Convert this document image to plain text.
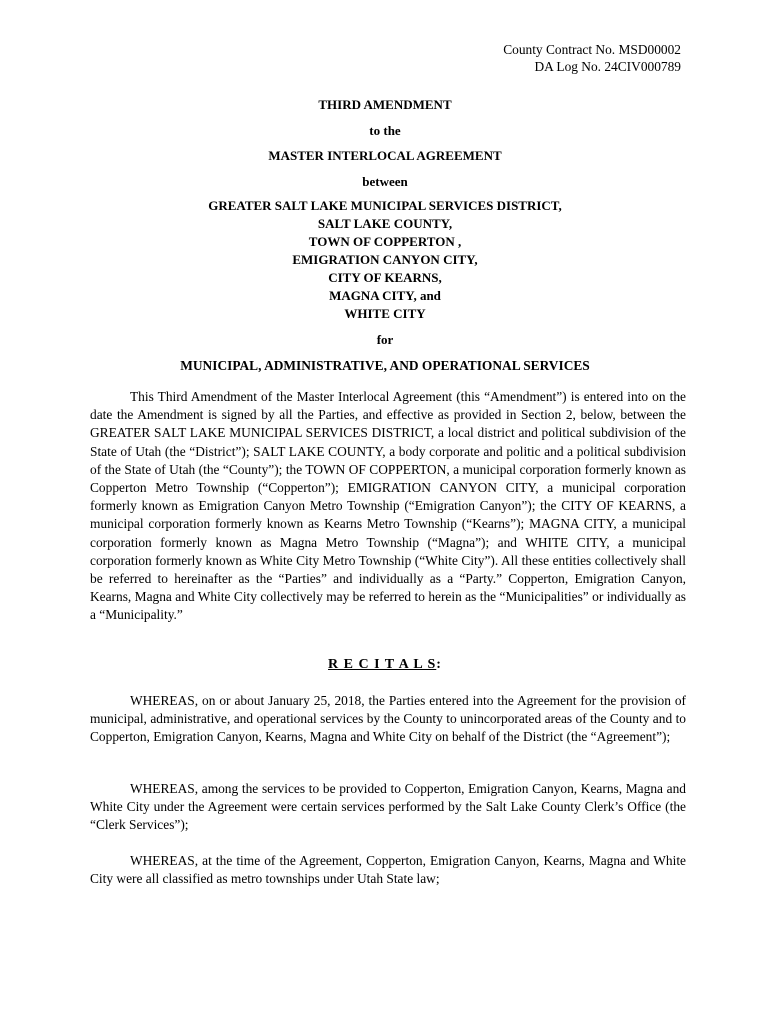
County Contract No. MSD00002
DA Log No. 24CIV000789
THIRD AMENDMENT
to the
MASTER INTERLOCAL AGREEMENT
between
GREATER SALT LAKE MUNICIPAL SERVICES DISTRICT,
SALT LAKE COUNTY,
TOWN OF COPPERTON ,
EMIGRATION CANYON CITY,
CITY OF KEARNS,
MAGNA CITY, and
WHITE CITY
for
MUNICIPAL, ADMINISTRATIVE, AND OPERATIONAL SERVICES
This Third Amendment of the Master Interlocal Agreement (this “Amendment”) is entered into on the date the Amendment is signed by all the Parties, and effective as provided in Section 2, below, between the GREATER SALT LAKE MUNICIPAL SERVICES DISTRICT, a local district and political subdivision of the State of Utah (the “District”); SALT LAKE COUNTY, a body corporate and politic and a political subdivision of the State of Utah (the “County”); the TOWN OF COPPERTON, a municipal corporation formerly known as Copperton Metro Township (“Copperton”); EMIGRATION CANYON CITY, a municipal corporation formerly known as Emigration Canyon Metro Township (“Emigration Canyon”); the CITY OF KEARNS, a municipal corporation formerly known as Kearns Metro Township (“Kearns”); MAGNA CITY, a municipal corporation formerly known as Magna Metro Township (“Magna”); and WHITE CITY, a municipal corporation formerly known as White City Metro Township (“White City”). All these entities collectively shall be referred to hereinafter as the “Parties” and individually as a “Party.” Copperton, Emigration Canyon, Kearns, Magna and White City collectively may be referred to herein as the “Municipalities” or individually as a “Municipality.”
R E C I T A L S:
WHEREAS, on or about January 25, 2018, the Parties entered into the Agreement for the provision of municipal, administrative, and operational services by the County to unincorporated areas of the County and to Copperton, Emigration Canyon, Kearns, Magna and White City on behalf of the District (the “Agreement”);
WHEREAS, among the services to be provided to Copperton, Emigration Canyon, Kearns, Magna and White City under the Agreement were certain services performed by the Salt Lake County Clerk’s Office (the “Clerk Services”);
WHEREAS, at the time of the Agreement, Copperton, Emigration Canyon, Kearns, Magna and White City were all classified as metro townships under Utah State law;
